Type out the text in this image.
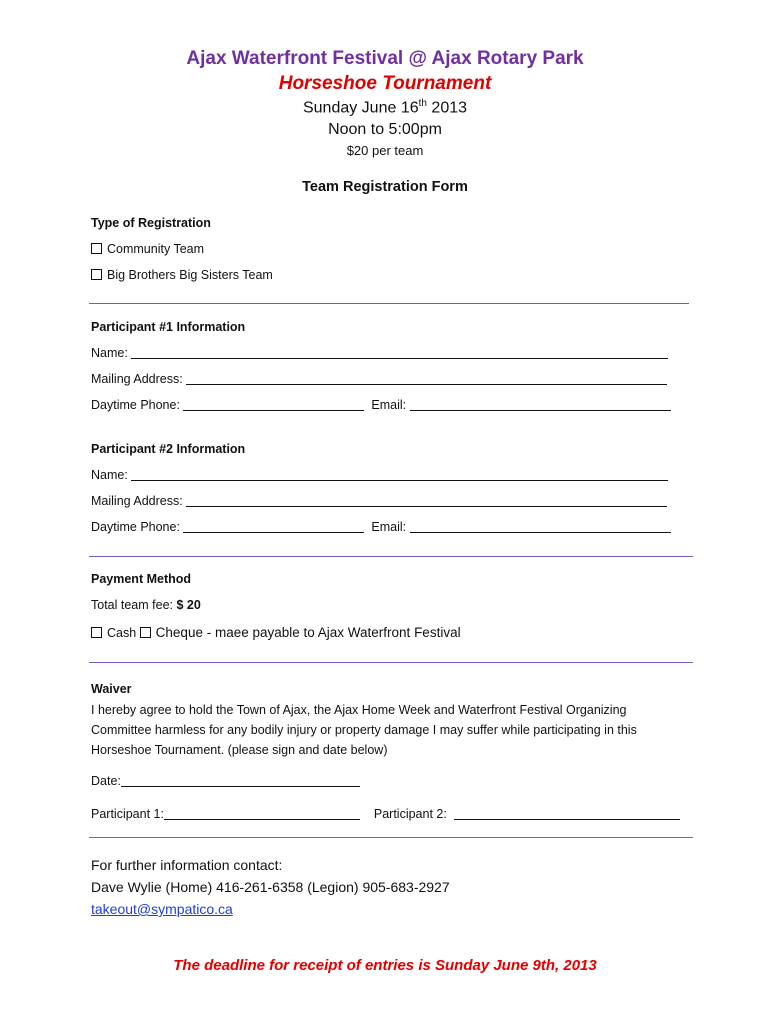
Ajax Waterfront Festival @ Ajax Rotary Park
Horseshoe Tournament
Sunday June 16th 2013
Noon to 5:00pm
$20 per team
Team Registration Form
Type of Registration
Community Team
Big Brothers Big Sisters Team
Participant #1 Information
Name:
Mailing Address:
Daytime Phone:	Email:
Participant #2 Information
Name:
Mailing Address:
Daytime Phone:	Email:
Payment Method
Total team fee: $ 20
Cash Cheque - maee payable to Ajax Waterfront Festival
Waiver
I hereby agree to hold the Town of Ajax, the Ajax Home Week and Waterfront Festival Organizing Committee harmless for any bodily injury or property damage I may suffer while participating in this Horseshoe Tournament. (please sign and date below)
Date:
Participant 1:	Participant 2:
For further information contact:
Dave Wylie (Home) 416-261-6358 (Legion) 905-683-2927
takeout@sympatico.ca
The deadline for receipt of entries is Sunday June 9th, 2013
